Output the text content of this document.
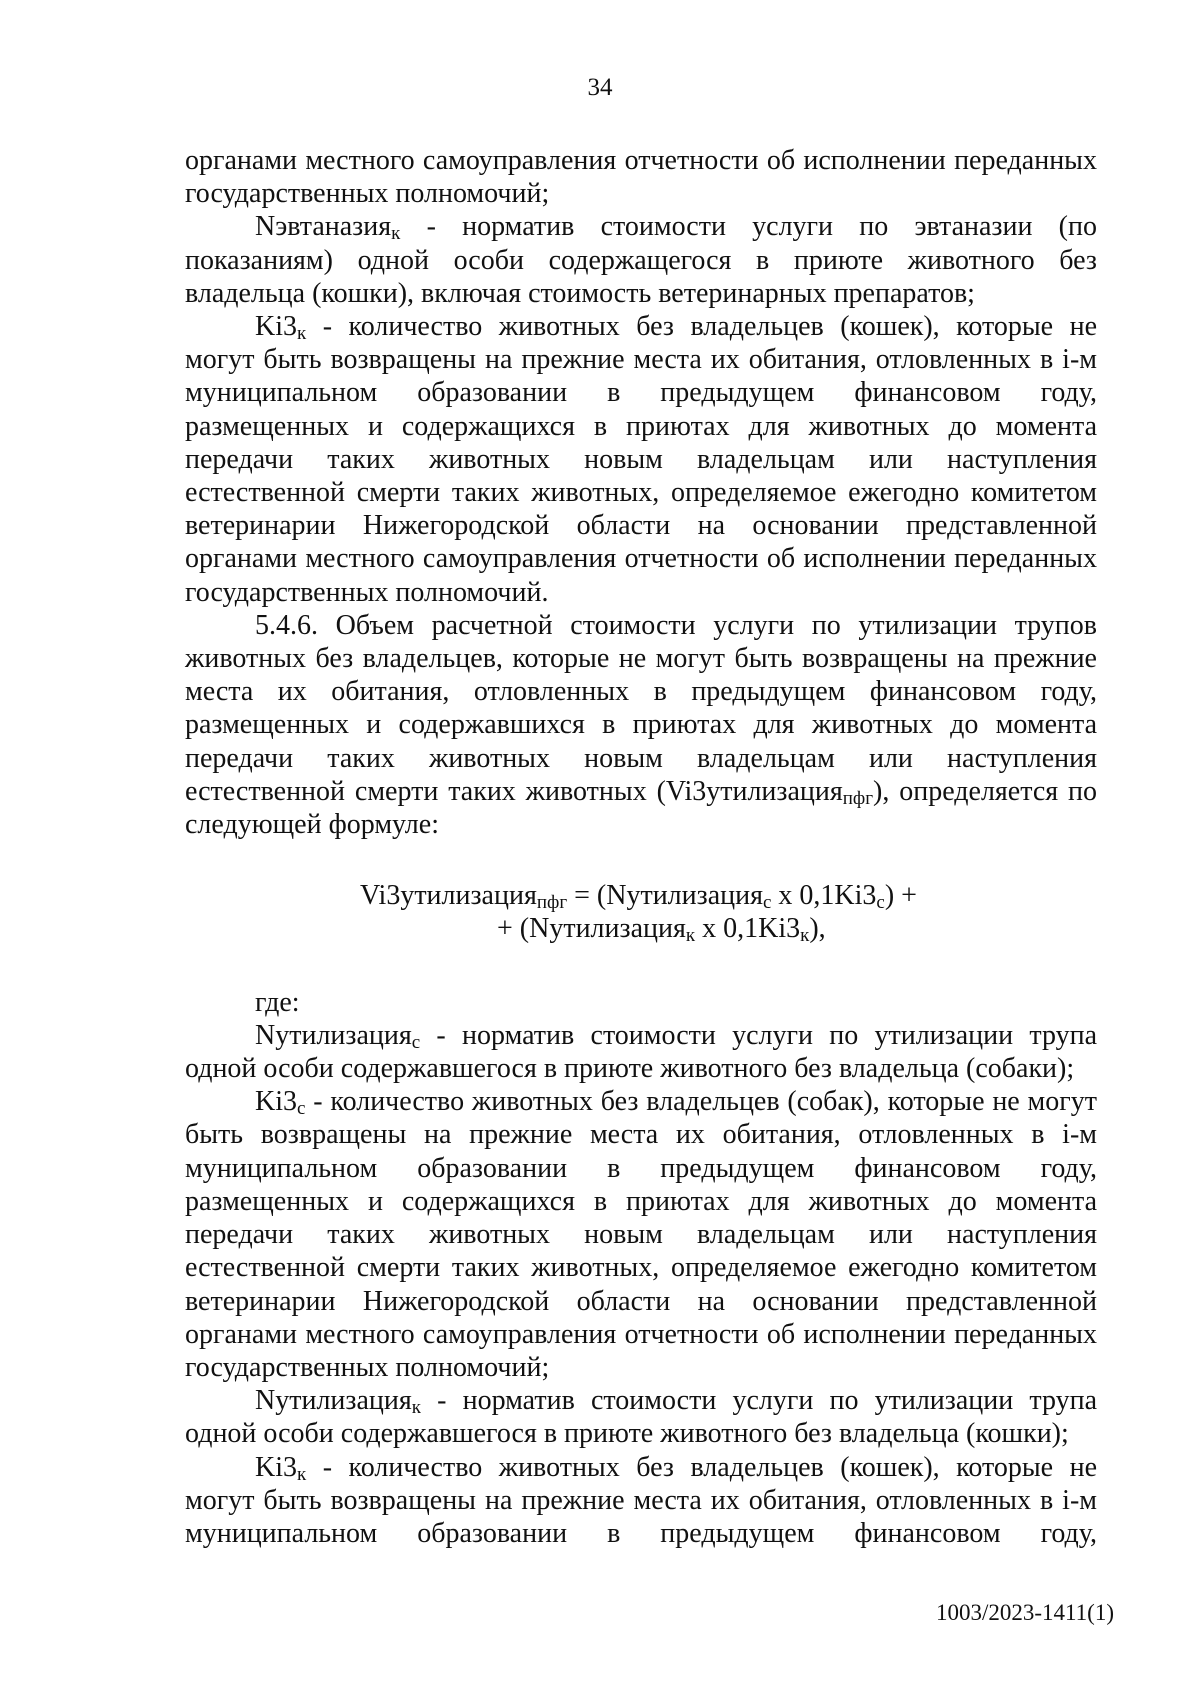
34

органами местного самоуправления отчетности об исполнении переданных государственных полномочий;

Nэвтаназия$_к$ - норматив стоимости услуги по эвтаназии (по показаниям) одной особи содержащегося в приюте животного без владельца (кошки), включая стоимость ветеринарных препаратов;

$Ki3_к$ - количество животных без владельцев (кошек), которые не могут быть возвращены на прежние места их обитания, отловленных в i-м муниципальном образовании в предыдущем финансовом году, размещенных и содержащихся в приютах для животных до момента передачи таких животных новым владельцам или наступления естественной смерти таких животных, определяемое ежегодно комитетом ветеринарии Нижегородской области на основании представленной органами местного самоуправления отчетности об исполнении переданных государственных полномочий.

5.4.6. Объем расчетной стоимости услуги по утилизации трупов животных без владельцев, которые не могут быть возвращены на прежние места их обитания, отловленных в предыдущем финансовом году, размещенных и содержавшихся в приютах для животных до момента передачи таких животных новым владельцам или наступления естественной смерти таких животных (Vi3утилизация$_{пфг}$), определяется по следующей формуле:

Vi3утилизация$_{пфг}$ = (Nутилизация$_с$ х $0,1Ki3_с$) +
+ (Nутилизация$_к$ х $0,1Ki3_к$),

где:

Nутилизация$_с$ - норматив стоимости услуги по утилизации трупа одной особи содержавшегося в приюте животного без владельца (собаки);

$Ki3_с$ - количество животных без владельцев (собак), которые не могут быть возвращены на прежние места их обитания, отловленных в i-м муниципальном образовании в предыдущем финансовом году, размещенных и содержащихся в приютах для животных до момента передачи таких животных новым владельцам или наступления естественной смерти таких животных, определяемое ежегодно комитетом ветеринарии Нижегородской области на основании представленной органами местного самоуправления отчетности об исполнении переданных государственных полномочий;

Nутилизация$_к$ - норматив стоимости услуги по утилизации трупа одной особи содержавшегося в приюте животного без владельца (кошки);

$Ki3_к$ - количество животных без владельцев (кошек), которые не могут быть возвращены на прежние места их обитания, отловленных в i-м муниципальном образовании в предыдущем финансовом году,

1003/2023-1411(1)
